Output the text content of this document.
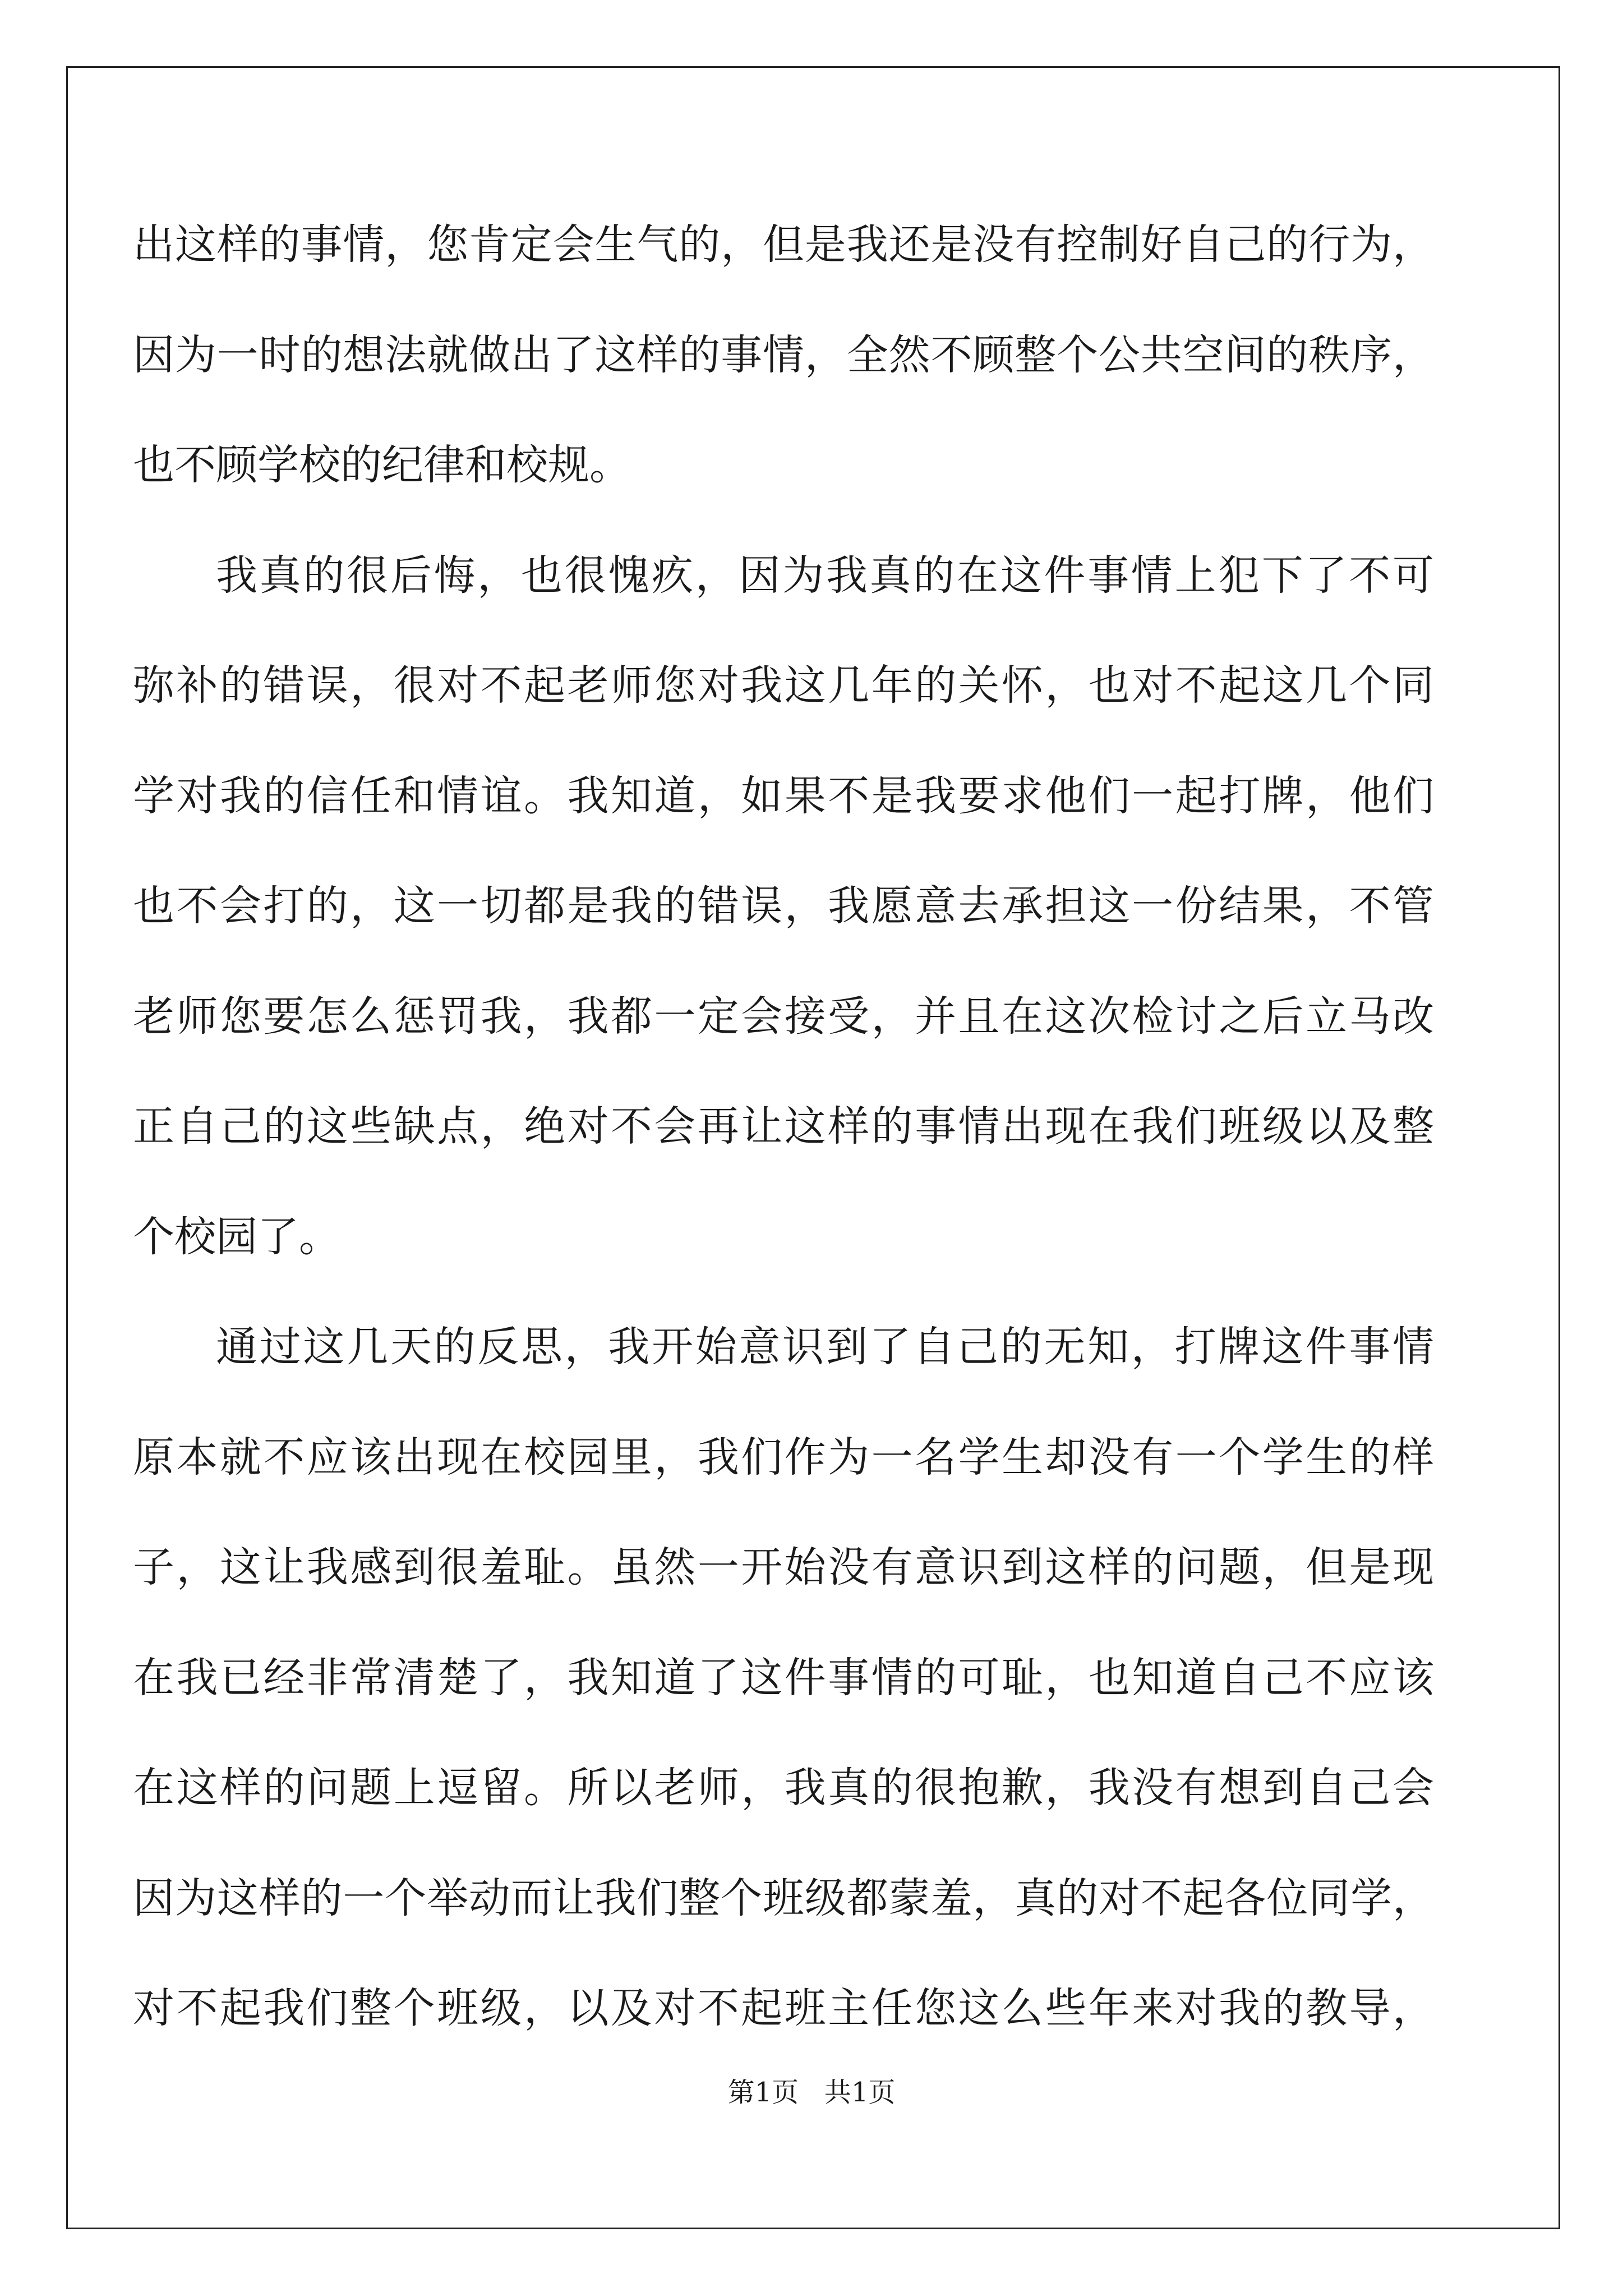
出这样的事情，您肯定会生气的，但是我还是没有控制好自己的行为，
因为一时的想法就做出了这样的事情，全然不顾整个公共空间的秩序，
也不顾学校的纪律和校规。
我真的很后悔，也很愧疚，因为我真的在这件事情上犯下了不可
弥补的错误，很对不起老师您对我这几年的关怀，也对不起这几个同
学对我的信任和情谊。我知道，如果不是我要求他们一起打牌，他们
也不会打的，这一切都是我的错误，我愿意去承担这一份结果，不管
老师您要怎么惩罚我，我都一定会接受，并且在这次检讨之后立马改
正自己的这些缺点，绝对不会再让这样的事情出现在我们班级以及整
个校园了。
通过这几天的反思，我开始意识到了自己的无知，打牌这件事情
原本就不应该出现在校园里，我们作为一名学生却没有一个学生的样
子，这让我感到很羞耻。虽然一开始没有意识到这样的问题，但是现
在我已经非常清楚了，我知道了这件事情的可耻，也知道自己不应该
在这样的问题上逗留。所以老师，我真的很抱歉，我没有想到自己会
因为这样的一个举动而让我们整个班级都蒙羞，真的对不起各位同学，
对不起我们整个班级，以及对不起班主任您这么些年来对我的教导，
第1页 共1页
